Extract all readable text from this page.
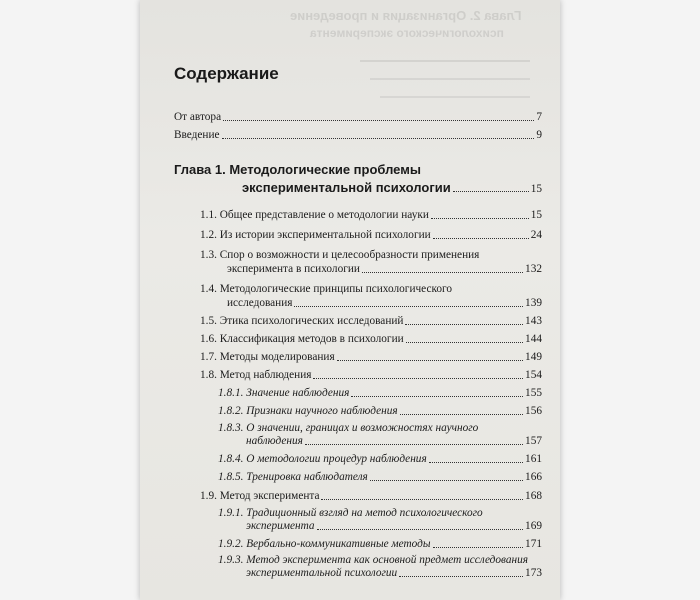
Глава 2. Организация и проведение
психологического эксперимента
Содержание
От автора	7
Введение	9
Глава 1. Методологические проблемы
экспериментальной психологии	15
1.1. Общее представление о методологии науки	15
1.2. Из истории экспериментальной психологии	24
1.3. Спор о возможности и целесообразности применения
эксперимента в психологии	132
1.4. Методологические принципы психологического
исследования	139
1.5. Этика психологических исследований	143
1.6. Классификация методов в психологии	144
1.7. Методы моделирования	149
1.8. Метод наблюдения	154
1.8.1. Значение наблюдения	155
1.8.2. Признаки научного наблюдения	156
1.8.3. О значении, границах и возможностях научного
наблюдения	157
1.8.4. О методологии процедур наблюдения	161
1.8.5. Тренировка наблюдателя	166
1.9. Метод эксперимента	168
1.9.1. Традиционный взгляд на метод психологического
эксперимента	169
1.9.2. Вербально-коммуникативные методы	171
1.9.3. Метод эксперимента как основной предмет исследования
экспериментальной психологии	173
